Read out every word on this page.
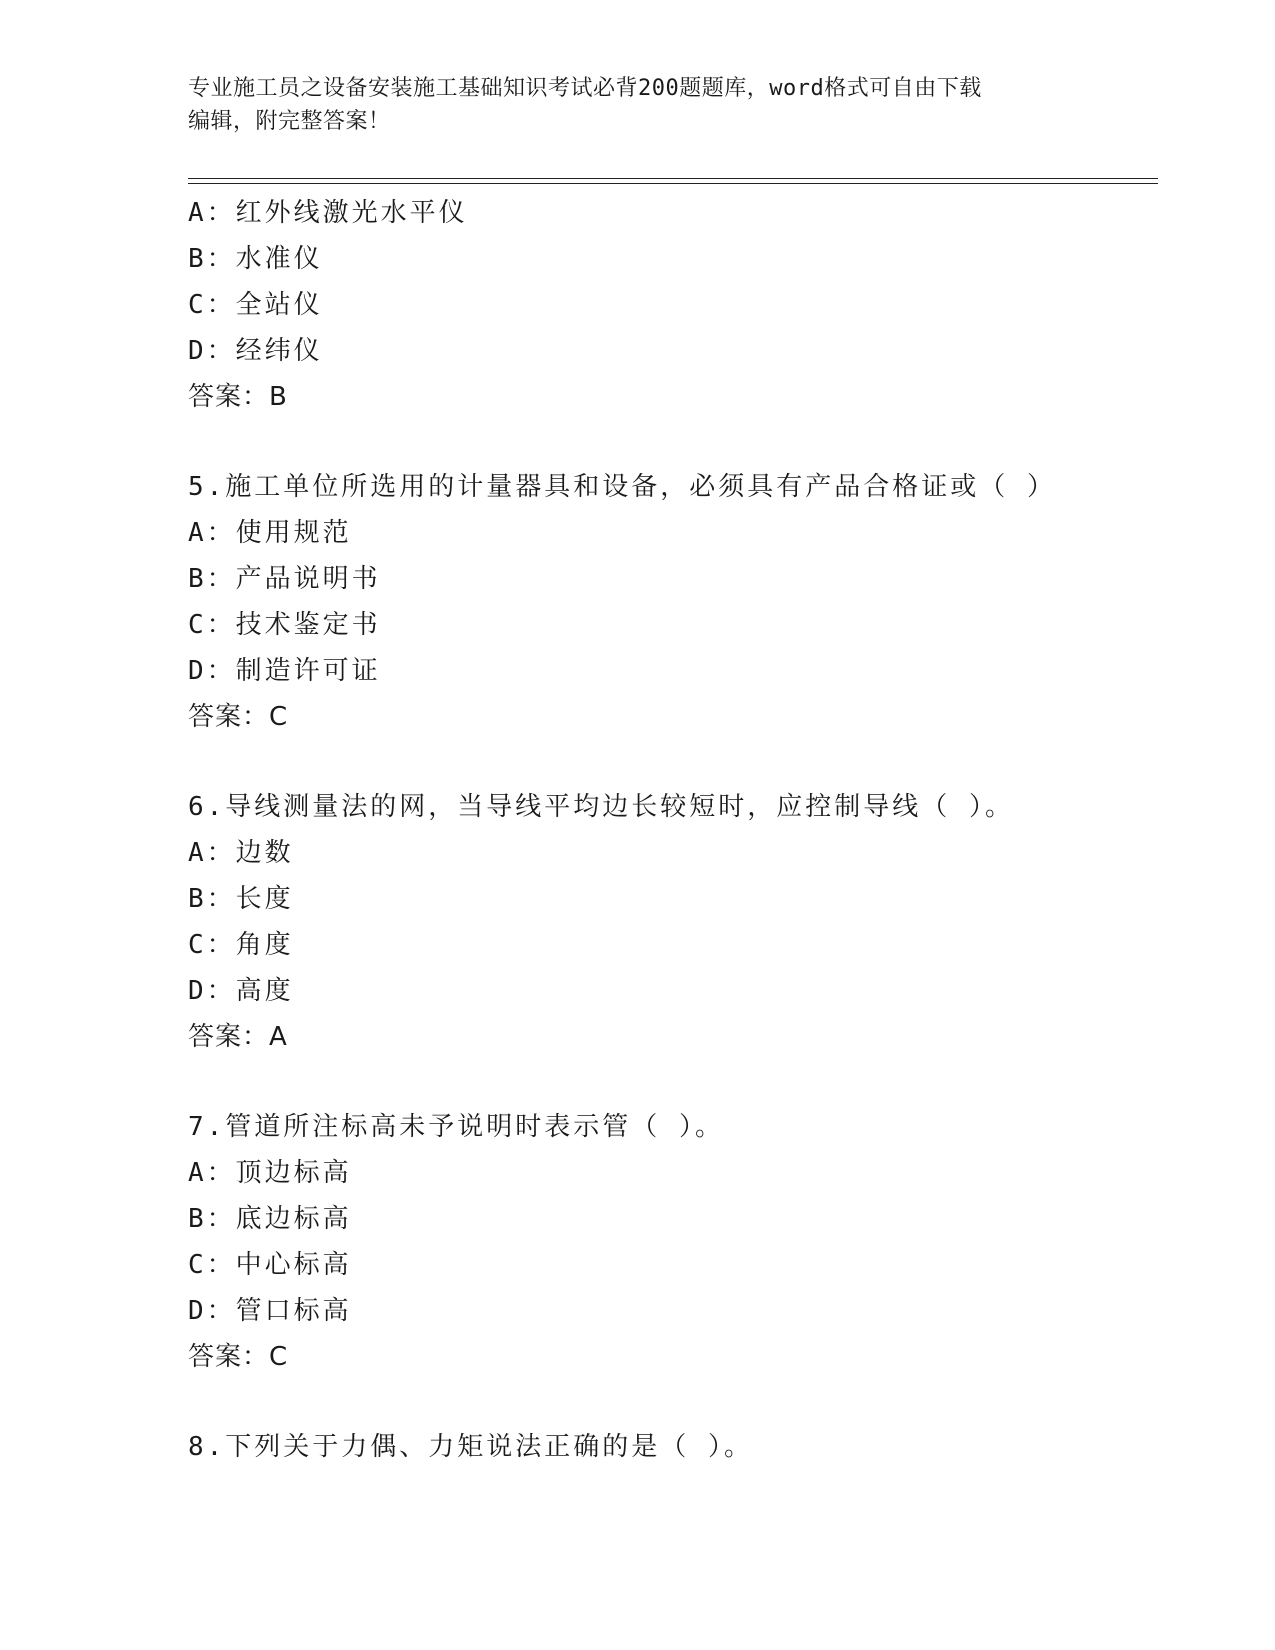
专业施工员之设备安装施工基础知识考试必背200题题库，word格式可自由下载
编辑，附完整答案！
A：红外线激光水平仪
B：水准仪
C：全站仪
D：经纬仪
答案：B
5.施工单位所选用的计量器具和设备，必须具有产品合格证或（ ）
A：使用规范
B：产品说明书
C：技术鉴定书
D：制造许可证
答案：C
6.导线测量法的网，当导线平均边长较短时，应控制导线（ ）。
A：边数
B：长度
C：角度
D：高度
答案：A
7.管道所注标高未予说明时表示管（ ）。
A：顶边标高
B：底边标高
C：中心标高
D：管口标高
答案：C
8.下列关于力偶、力矩说法正确的是（ ）。
